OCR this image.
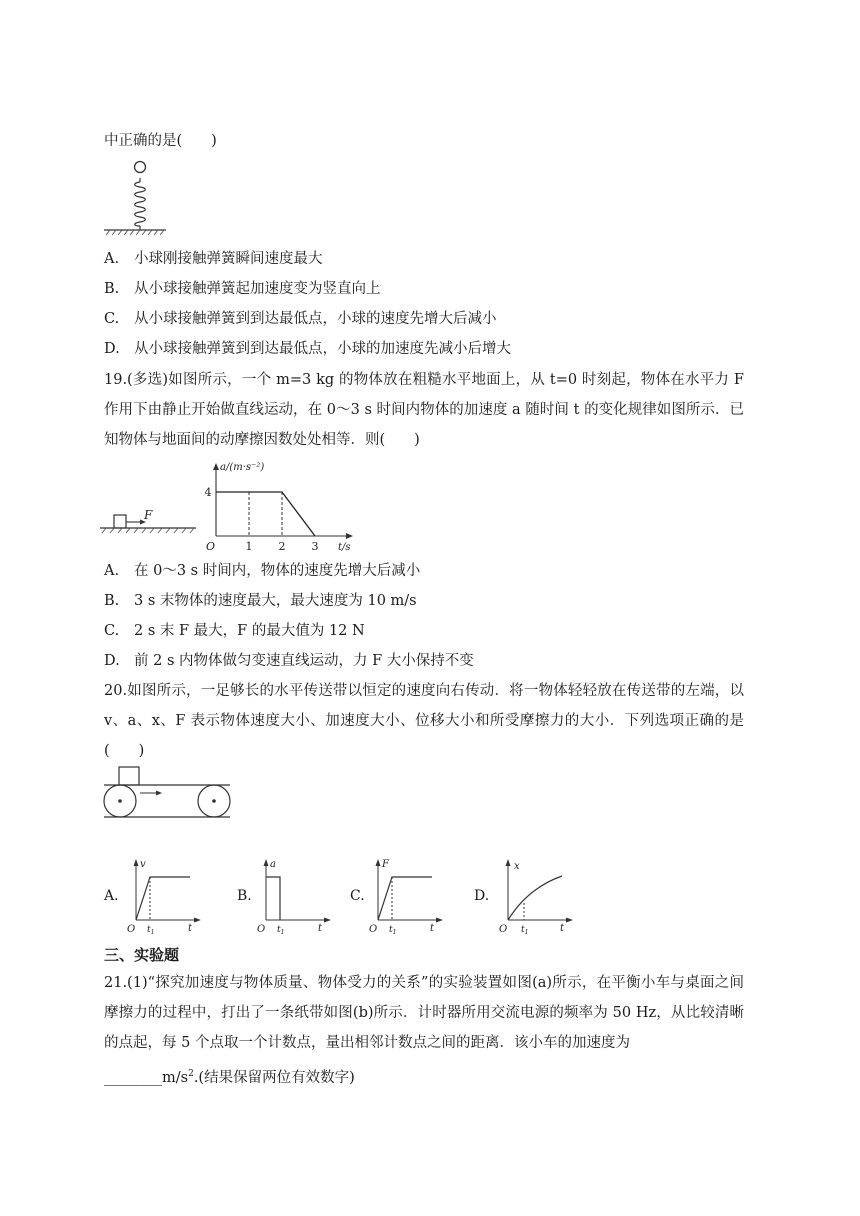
中正确的是(　　)
A. 小球刚接触弹簧瞬间速度最大
B. 从小球接触弹簧起加速度变为竖直向上
C. 从小球接触弹簧到到达最低点，小球的速度先增大后减小
D. 从小球接触弹簧到到达最低点，小球的加速度先减小后增大
19.(多选)如图所示，一个 m=3 kg 的物体放在粗糙水平地面上，从 t=0 时刻起，物体在水平力 F 作用下由静止开始做直线运动，在 0～3 s 时间内物体的加速度 a 随时间 t 的变化规律如图所示．已知物体与地面间的动摩擦因数处处相等．则(　　)
F
a/(m·s⁻²)
t/s
O
4
1 2 3
A. 在 0～3 s 时间内，物体的速度先增大后减小
B. 3 s 末物体的速度最大，最大速度为 10 m/s
C. 2 s 末 F 最大，F 的最大值为 12 N
D. 前 2 s 内物体做匀变速直线运动，力 F 大小保持不变
20.如图所示，一足够长的水平传送带以恒定的速度向右传动．将一物体轻轻放在传送带的左端，以 v、a、x、F 表示物体速度大小、加速度大小、位移大小和所受摩擦力的大小．下列选项正确的是(　　)
A.
v
O $t_1$	t
B.
a
O $t_1$	t
C.
F
O $t_1$	t
D.
x
O $t_1$	t
三、实验题
21.(1)“探究加速度与物体质量、物体受力的关系”的实验装置如图(a)所示，在平衡小车与桌面之间摩擦力的过程中，打出了一条纸带如图(b)所示．计时器所用交流电源的频率为 50 Hz，从比较清晰的点起，每 5 个点取一个计数点，量出相邻计数点之间的距离．该小车的加速度为
$\_\_\_\_\_\_\_\_m/s^2$.(结果保留两位有效数字)
